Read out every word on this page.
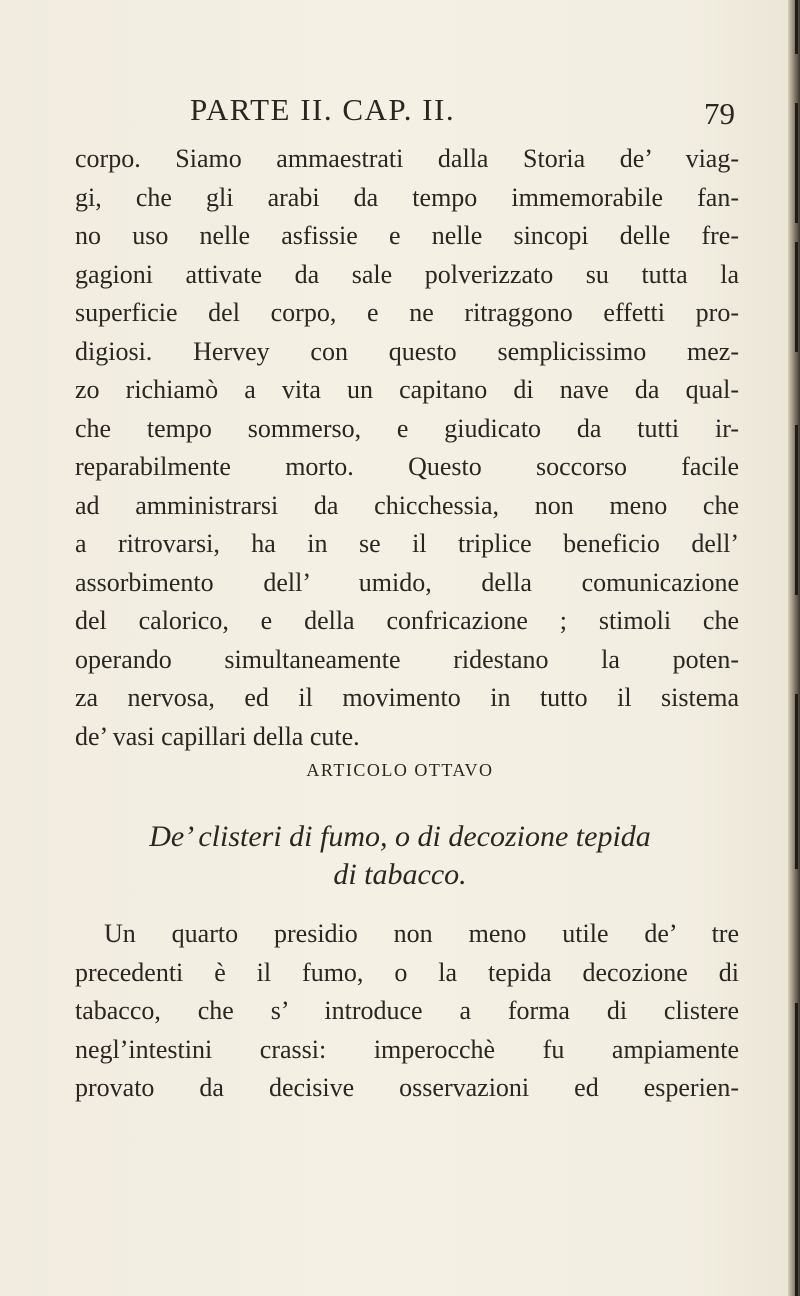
PARTE II. CAP. II.	79
corpo. Siamo ammaestrati dalla Storia de’ viag-
gi, che gli arabi da tempo immemorabile fan-
no uso nelle asfissie e nelle sincopi delle fre-
gagioni attivate da sale polverizzato su tutta la
superficie del corpo, e ne ritraggono effetti pro-
digiosi. Hervey con questo semplicissimo mez-
zo richiamò a vita un capitano di nave da qual-
che tempo sommerso, e giudicato da tutti ir-
reparabilmente morto. Questo soccorso facile
ad amministrarsi da chicchessia, non meno che
a ritrovarsi, ha in se il triplice beneficio dell’
assorbimento dell’ umido, della comunicazione
del calorico, e della confricazione ; stimoli che
operando simultaneamente ridestano la poten-
za nervosa, ed il movimento in tutto il sistema
de’ vasi capillari della cute.
ARTICOLO OTTAVO
De’ clisteri di fumo, o di decozione tepida
di tabacco.
Un quarto presidio non meno utile de’ tre
precedenti è il fumo, o la tepida decozione di
tabacco, che s’ introduce a forma di clistere
negl’intestini crassi: imperocchè fu ampiamente
provato da decisive osservazioni ed esperien-
